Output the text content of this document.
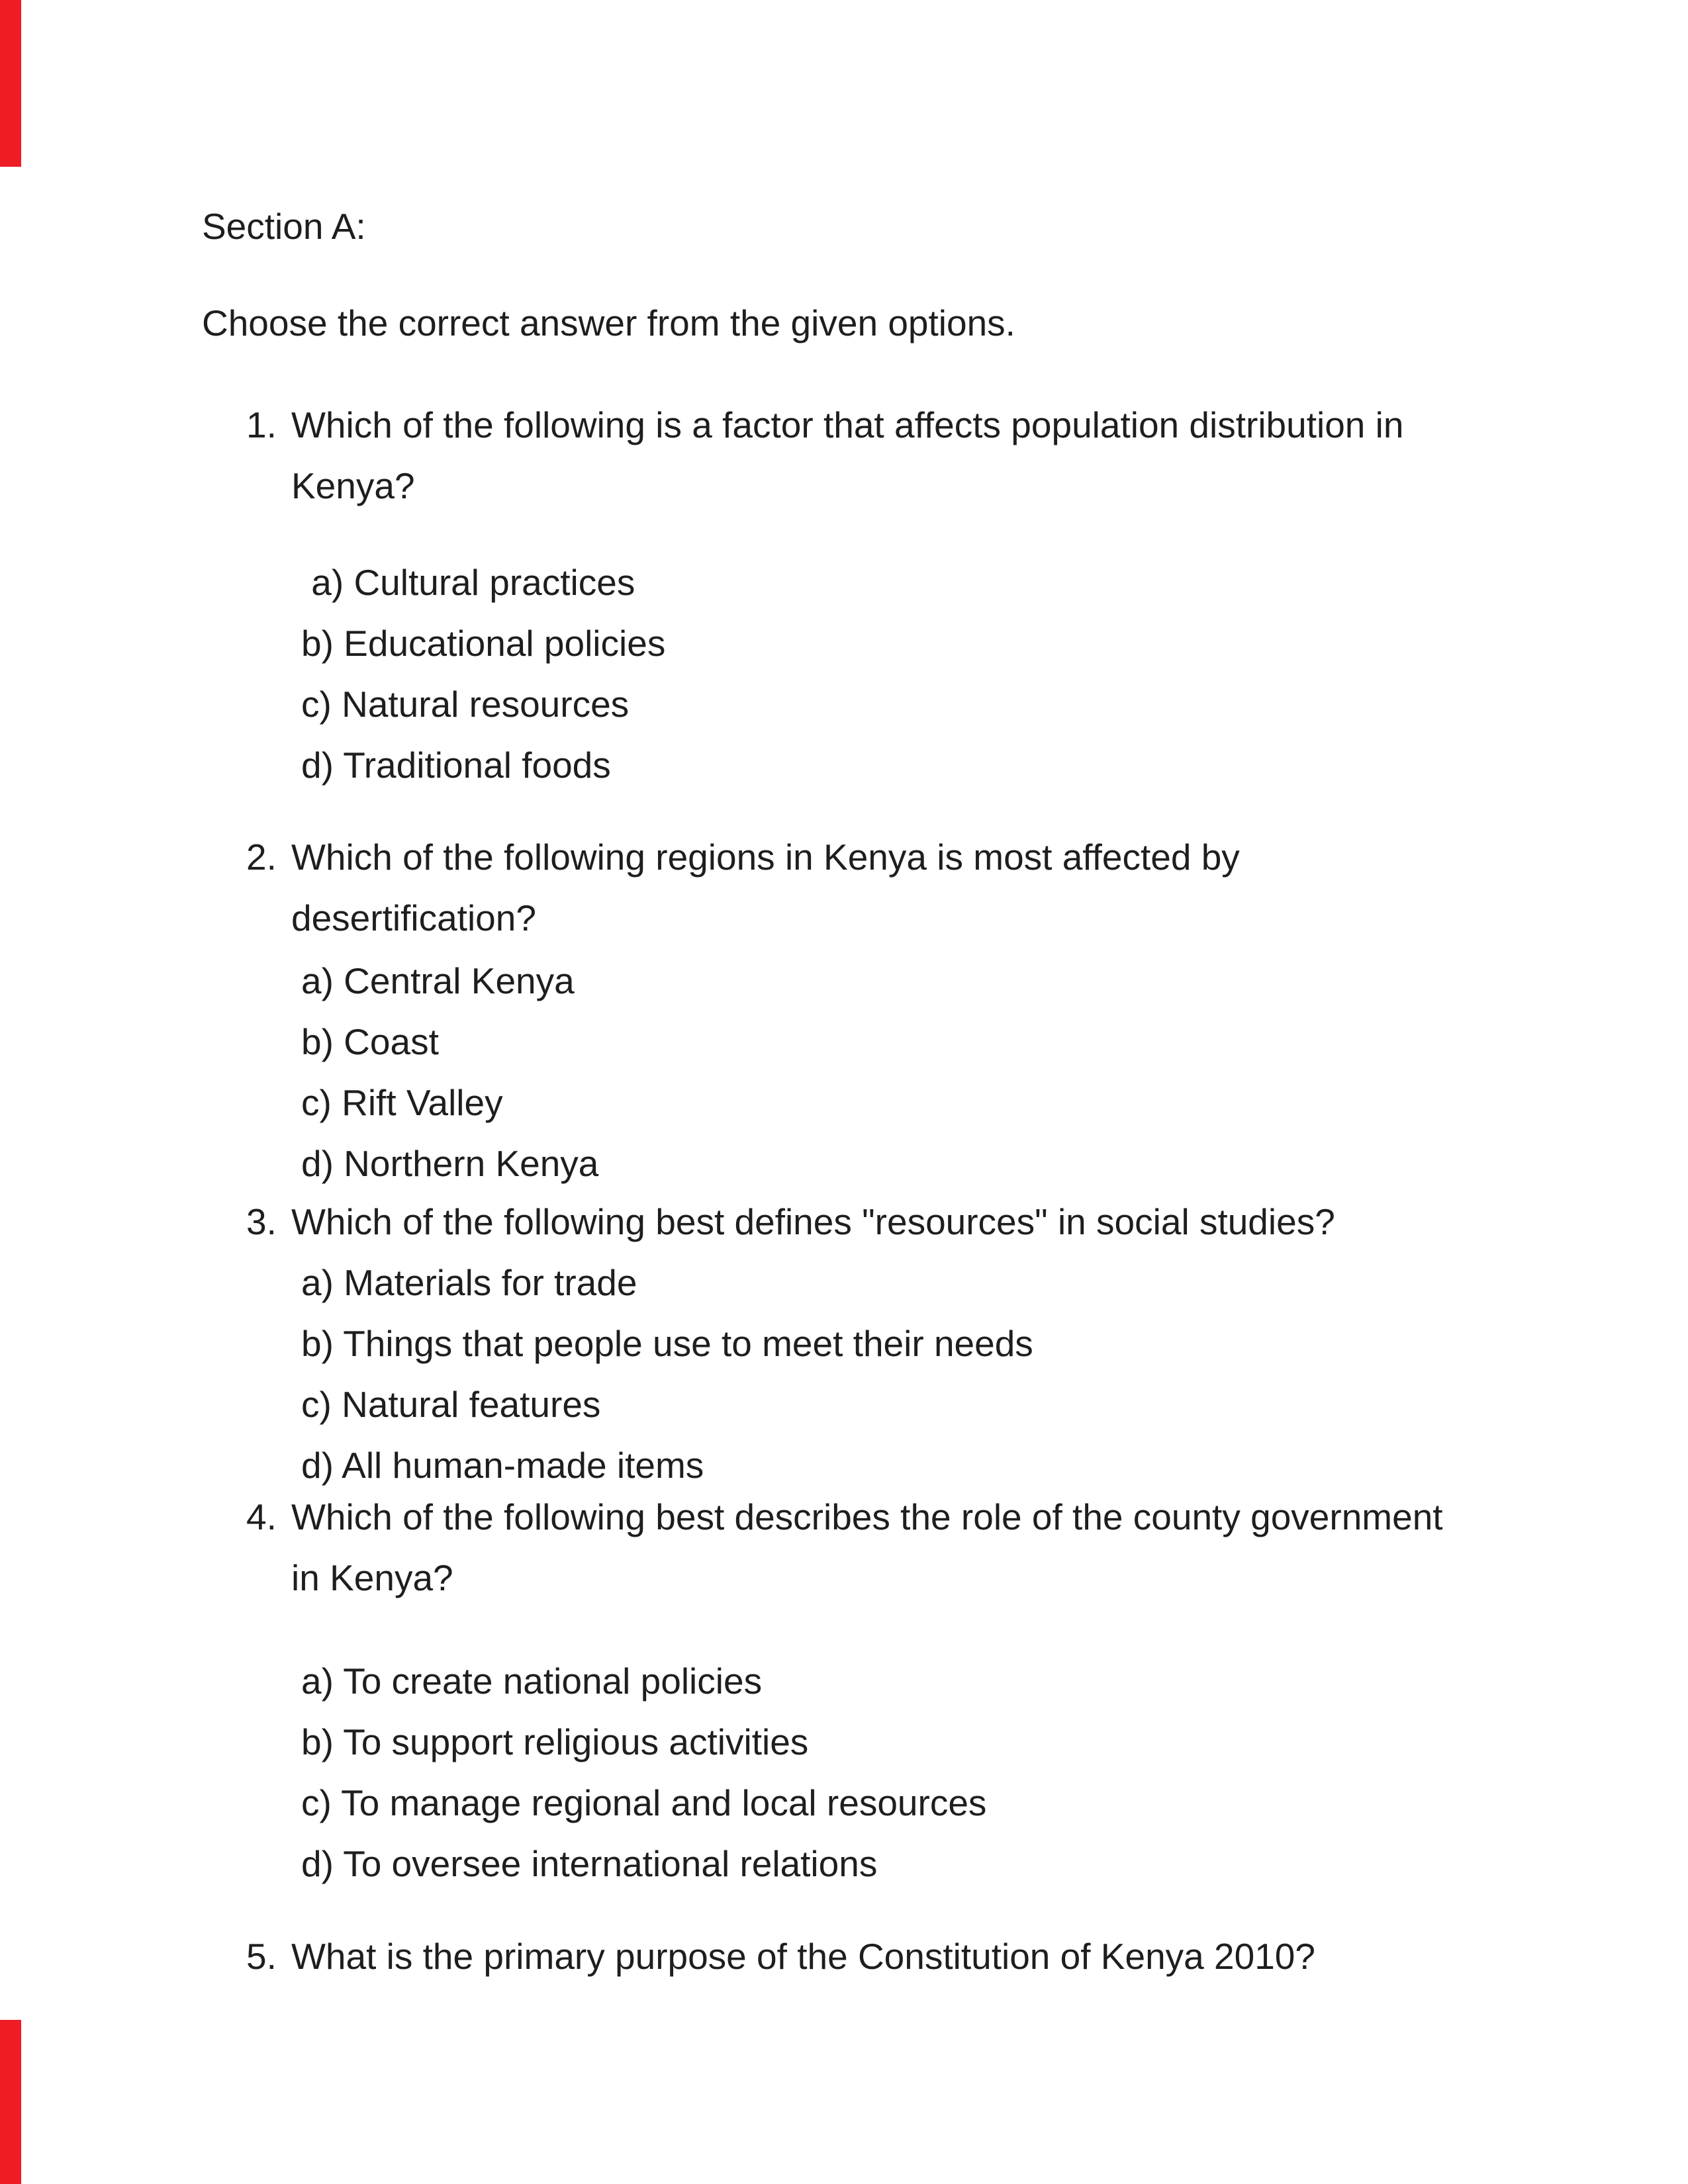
Section A:
Choose the correct answer from the given options.
1. Which of the following is a factor that affects population distribution in
Kenya?
a) Cultural practices
b) Educational policies
c) Natural resources
d) Traditional foods
2. Which of the following regions in Kenya is most affected by
desertification?
a) Central Kenya
b) Coast
c) Rift Valley
d) Northern Kenya
3. Which of the following best defines "resources" in social studies?
a) Materials for trade
b) Things that people use to meet their needs
c) Natural features
d) All human-made items
4. Which of the following best describes the role of the county government
in Kenya?
a) To create national policies
b) To support religious activities
c) To manage regional and local resources
d) To oversee international relations
5. What is the primary purpose of the Constitution of Kenya 2010?
